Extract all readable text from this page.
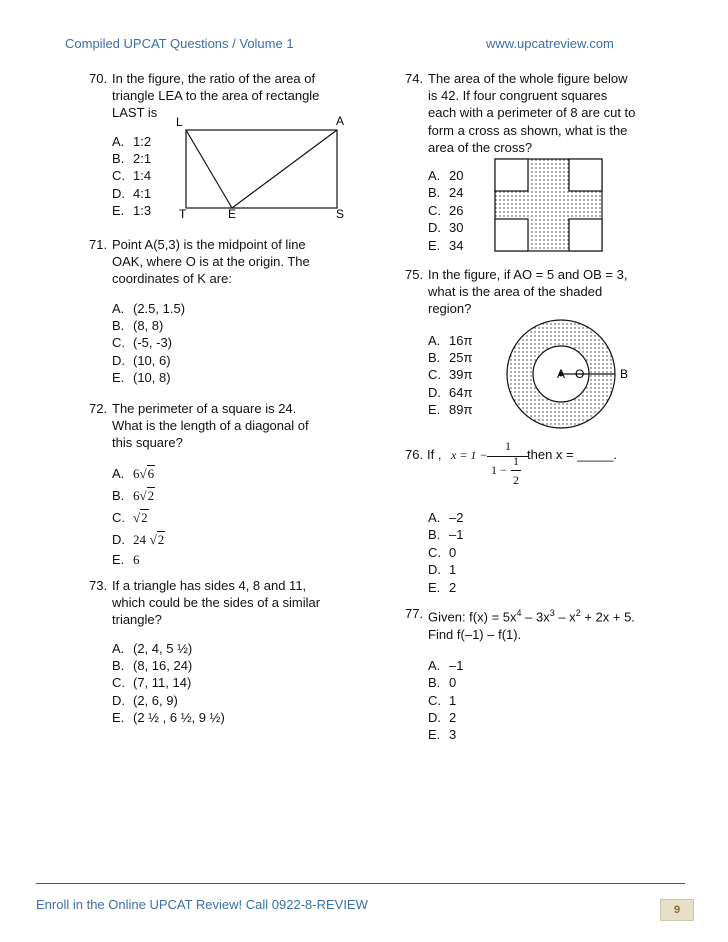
Compiled UPCAT Questions / Volume 1	www.upcatreview.com
70. In the figure, the ratio of the area of
triangle LEA to the area of rectangle
LAST is
A. 1:2
B. 2:1
C. 1:4
D. 4:1
E. 1:3
L	A
T	E	S
71. Point A(5,3) is the midpoint of line
OAK, where O is at the origin. The
coordinates of K are:
A. (2.5, 1.5)
B. (8, 8)
C. (-5, -3)
D. (10, 6)
E. (10, 8)
72. The perimeter of a square is 24.
What is the length of a diagonal of
this square?
A. 6√6
B. 6√2
C. √2
D. 24 √2
E. 6
73. If a triangle has sides 4, 8 and 11,
which could be the sides of a similar
triangle?
A. (2, 4, 5 ½)
B. (8, 16, 24)
C. (7, 11, 14)
D. (2, 6, 9)
E. (2 ½ , 6 ½, 9 ½)
74. The area of the whole figure below
is 42. If four congruent squares
each with a perimeter of 8 are cut to
form a cross as shown, what is the
area of the cross?
A. 20
B. 24
C. 26
D. 30
E. 34
75. In the figure, if AO = 5 and OB = 3,
what is the area of the shaded
region?
A. 16π
B. 25π
C. 39π
D. 64π
E. 89π
A O	B
76. If , x = 1 −
1
1 −
1
2
then x = _____.
A. –2
B. –1
C. 0
D. 1
E. 2
77. Given: $f(x) = 5x^4 - 3x^3 - x^2 + 2x + 5$.
Find f(–1) – f(1).
A. –1
B. 0
C. 1
D. 2
E. 3
Enroll in the Online UPCAT Review! Call 0922-8-REVIEW	9
